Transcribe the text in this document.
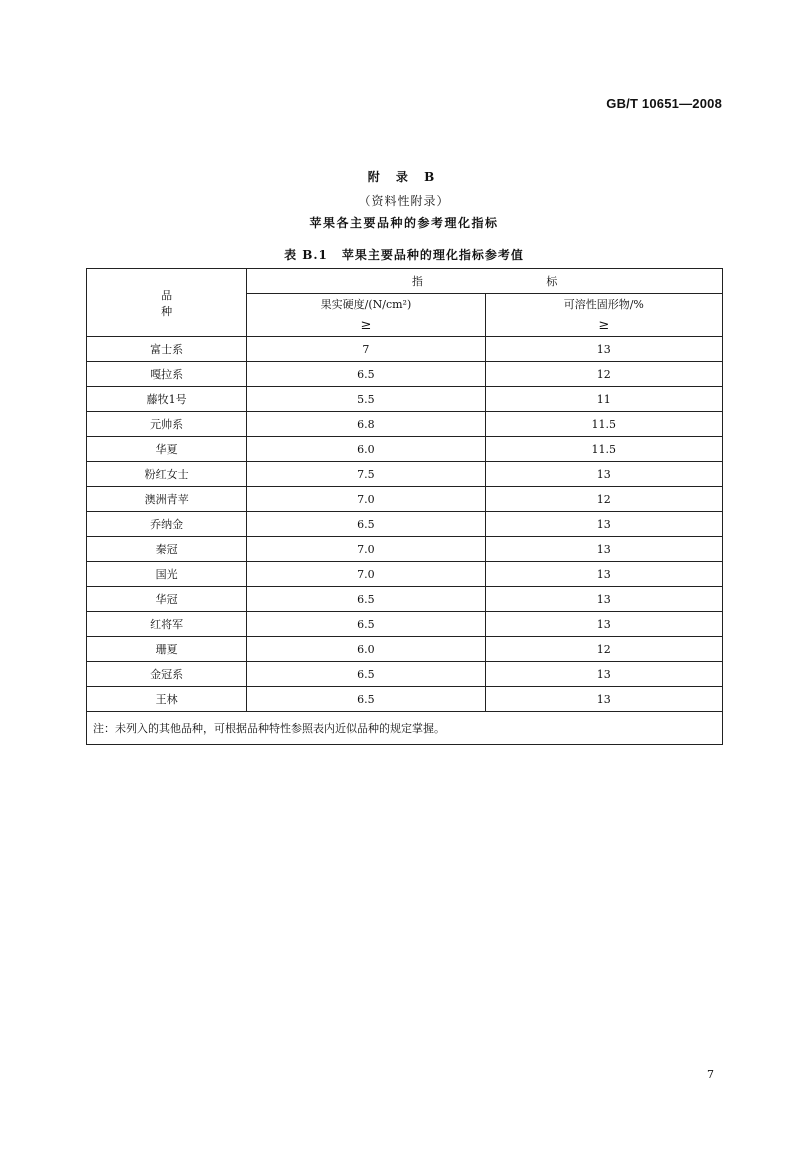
GB/T 10651—2008
附 录 B
（资料性附录）
苹果各主要品种的参考理化指标
表 B.1 苹果主要品种的理化指标参考值
品 种	指 标	
	果实硬度/(N/cm²)	可溶性固形物/%
	≥	≥
富士系	7	13
嘎拉系	6.5	12
藤牧1号	5.5	11
元帅系	6.8	11.5
华夏	6.0	11.5
粉红女士	7.5	13
澳洲青苹	7.0	12
乔纳金	6.5	13
秦冠	7.0	13
国光	7.0	13
华冠	6.5	13
红将军	6.5	13
珊夏	6.0	12
金冠系	6.5	13
王林	6.5	13
注：未列入的其他品种，可根据品种特性参照表内近似品种的规定掌握。		
7
